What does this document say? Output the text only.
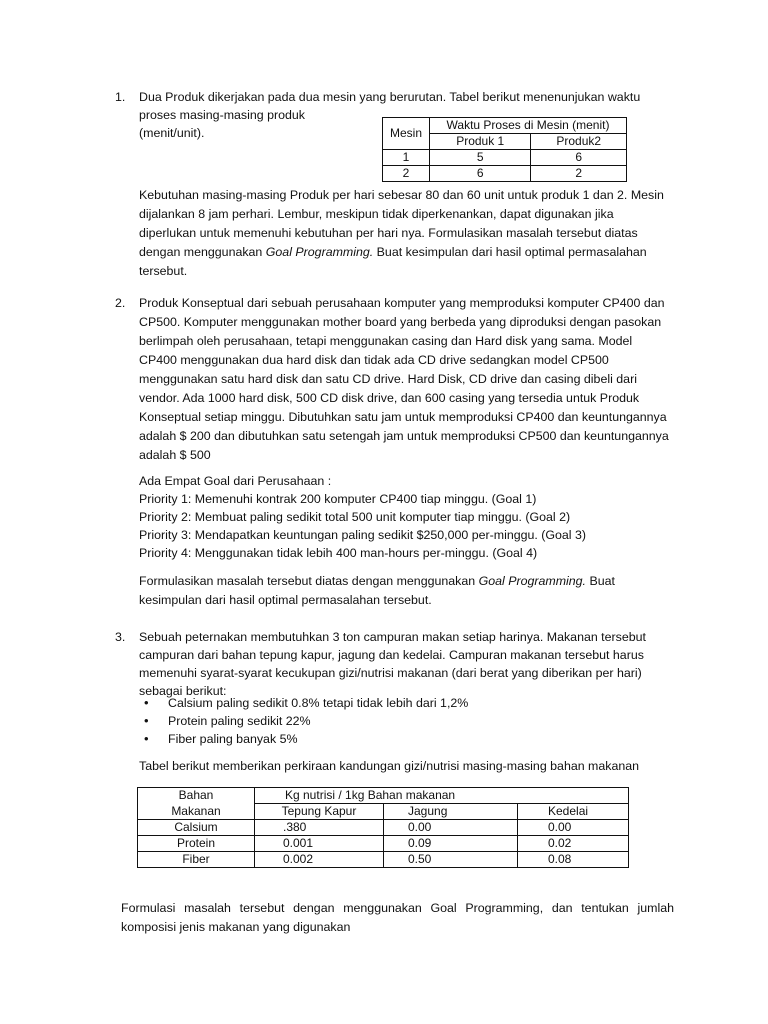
1. Dua Produk dikerjakan pada dua mesin yang berurutan. Tabel berikut menenunjukan waktu

proses masing-masing produk

(menit/unit).	Mesin	Waktu Proses di Mesin (menit)	
	Produk 1	Produk2
1	5	6
2	6	2

Kebutuhan masing-masing Produk per hari sebesar 80 dan 60 unit untuk produk 1 dan 2. Mesin dijalankan 8 jam perhari. Lembur, meskipun tidak diperkenankan, dapat digunakan jika diperlukan untuk memenuhi kebutuhan per hari nya. Formulasikan masalah tersebut diatas dengan menggunakan Goal Programming. Buat kesimpulan dari hasil optimal permasalahan tersebut.

2. Produk Konseptual dari sebuah perusahaan komputer yang memproduksi komputer CP400 dan CP500. Komputer menggunakan mother board yang berbeda yang diproduksi dengan pasokan berlimpah oleh perusahaan, tetapi menggunakan casing dan Hard disk yang sama. Model CP400 menggunakan dua hard disk dan tidak ada CD drive sedangkan model CP500 menggunakan satu hard disk dan satu CD drive. Hard Disk, CD drive dan casing dibeli dari vendor. Ada 1000 hard disk, 500 CD disk drive, dan 600 casing yang tersedia untuk Produk Konseptual setiap minggu. Dibutuhkan satu jam untuk memproduksi CP400 dan keuntungannya adalah $ 200 dan dibutuhkan satu setengah jam untuk memproduksi CP500 dan keuntungannya adalah $ 500

Ada Empat Goal dari Perusahaan :

Priority 1: Memenuhi kontrak 200 komputer CP400 tiap minggu. (Goal 1)

Priority 2: Membuat paling sedikit total 500 unit komputer tiap minggu. (Goal 2)

Priority 3: Mendapatkan keuntungan paling sedikit $250,000 per-minggu. (Goal 3)

Priority 4: Menggunakan tidak lebih 400 man-hours per-minggu. (Goal 4)

Formulasikan masalah tersebut diatas dengan menggunakan Goal Programming. Buat kesimpulan dari hasil optimal permasalahan tersebut.

3. Sebuah peternakan membutuhkan 3 ton campuran makan setiap harinya. Makanan tersebut campuran dari bahan tepung kapur, jagung dan kedelai. Campuran makanan tersebut harus memenuhi syarat-syarat kecukupan gizi/nutrisi makanan (dari berat yang diberikan per hari) sebagai berikut:

• Calsium paling sedikit 0.8% tetapi tidak lebih dari 1,2%
• Protein paling sedikit 22%
• Fiber paling banyak 5%

Tabel berikut memberikan perkiraan kandungan gizi/nutrisi masing-masing bahan makanan

Bahan	Kg nutrisi / 1kg Bahan makanan		
Makanan	Tepung Kapur	Jagung	Kedelai
Calsium	.380	0.00	0.00
Protein	0.001	0.09	0.02
Fiber	0.002	0.50	0.08

Formulasi masalah tersebut dengan menggunakan Goal Programming, dan tentukan jumlah komposisi jenis makanan yang digunakan
